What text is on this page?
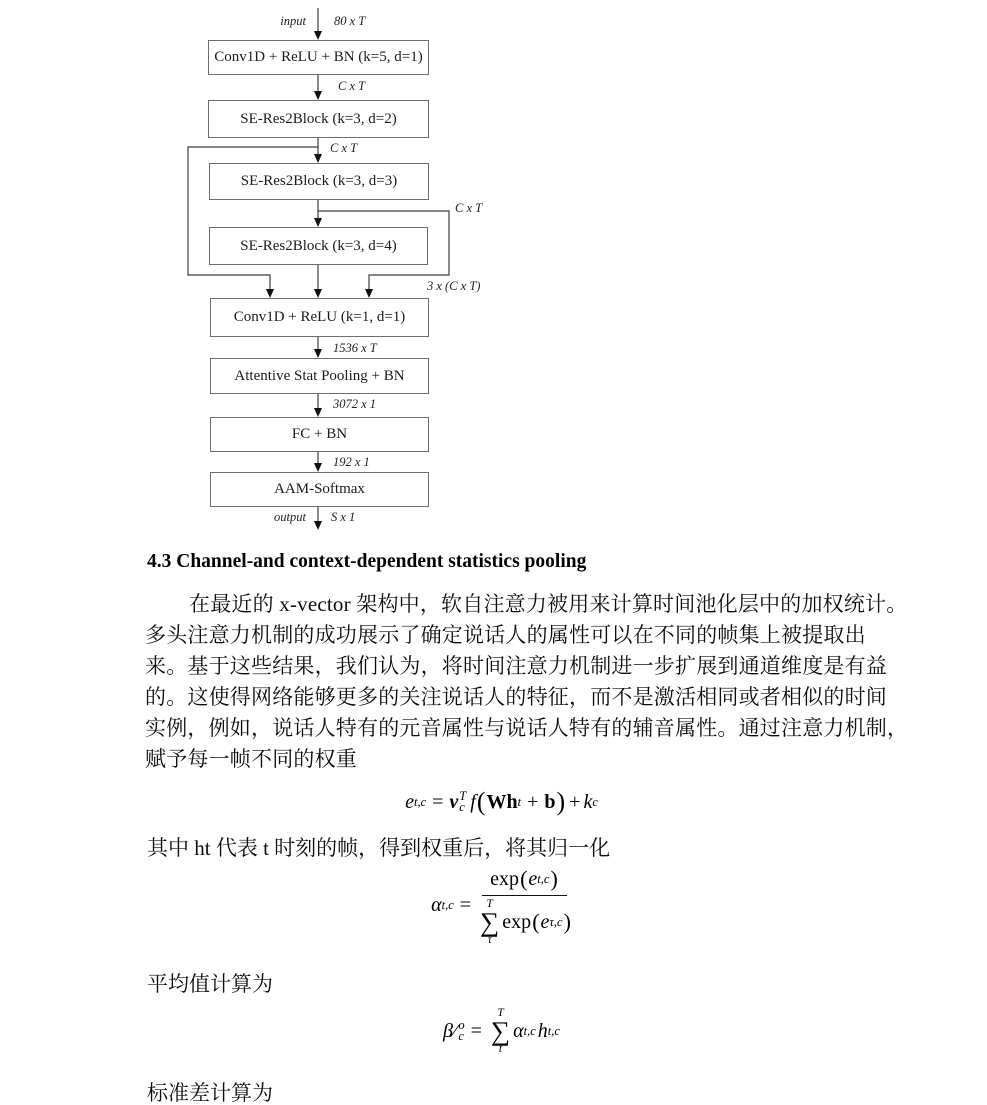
Conv1D + ReLU + BN (k=5, d=1)
SE-Res2Block (k=3, d=2)
SE-Res2Block (k=3, d=3)
SE-Res2Block (k=3, d=4)
Conv1D + ReLU (k=1, d=1)
Attentive Stat Pooling + BN
FC + BN
AAM-Softmax
input 80 x T
C x T
C x T
C x T
3 x (C x T)
1536 x T
3072 x 1
192 x 1
output S x 1
4.3 Channel-and context-dependent statistics pooling
在最近的 x-vector 架构中，软自注意力被用来计算时间池化层中的加权统计。
多头注意力机制的成功展示了确定说话人的属性可以在不同的帧集上被提取出
来。基于这些结果，我们认为，将时间注意力机制进一步扩展到通道维度是有益
的。这使得网络能够更多的关注说话人的特征，而不是激活相同或者相似的时间
实例，例如，说话人特有的元音属性与说话人特有的辅音属性。通过注意力机制，
赋予每一帧不同的权重
e t,c = v T
c f ( Wh t + b ) + k c
其中 ht 代表 t 时刻的帧，得到权重后，将其归一化
α t,c = exp ( e t,c )
T
∑
τ
exp ( e τ,c )
平均值计算为
β ⁄ o
c =
T
∑
t
α t,c h t,c
标准差计算为
